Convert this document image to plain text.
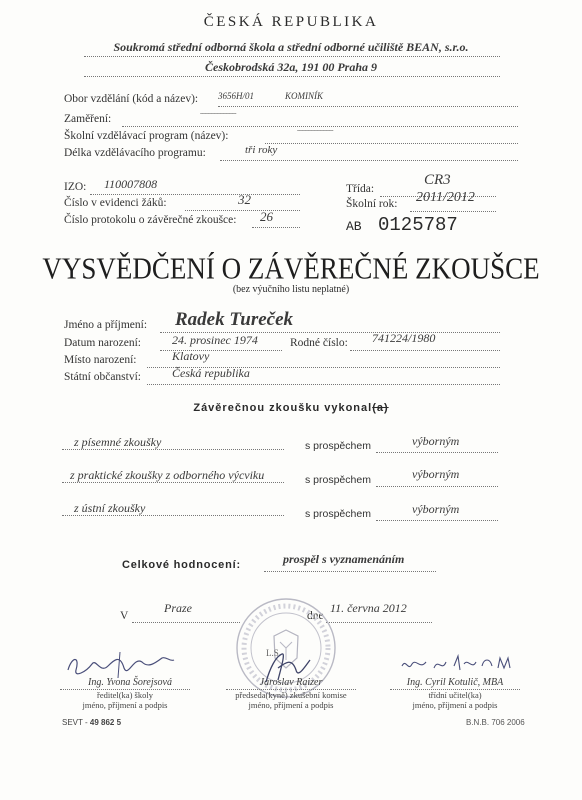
ČESKÁ REPUBLIKA
Soukromá střední odborná škola a střední odborné učiliště BEAN, s.r.o.
Českobrodská 32a, 191 00 Praha 9
Obor vzdělání (kód a název): 3656H/01	KOMINÍK
Zaměření:	------------------------
Školní vzdělávací program (název):	------------------------
Délka vzdělávacího programu:	tři roky
IZO: 110007808
Číslo v evidenci žáků:	32
Číslo protokolu o závěrečné zkoušce: 26
Třída:
CR3
Školní rok: 2011/2012
AB 0125787
VYSVĚDČENÍ O ZÁVĚREČNÉ ZKOUŠCE
(bez výučního listu neplatné)
Jméno a příjmení: Radek Tureček
Datum narození:	24. prosinec 1974	Rodné číslo: 741224/1980
Místo narození:	Klatovy
Státní občanství:	Česká republika
Závěrečnou zkoušku vykonal(a)
z písemné zkoušky	s prospěchem	výborným
z praktické zkoušky z odborného výcviku	s prospěchem	výborným
z ústní zkoušky	s prospěchem	výborným
Celkové hodnocení:	prospěl s vyznamenáním
V
Praze
dne
11. června 2012
L.S.
Ing. Yvona Šorejsová
ředitel(ka) školy
jméno, příjmení a podpis
Jaroslav Raizer
předseda(kyně) zkušební komise
jméno, příjmení a podpis
Ing. Cyril Kotulič, MBA
třídní učitel(ka)
jméno, příjmení a podpis
SEVT - 49 862 5	B.N.B. 706 2006
